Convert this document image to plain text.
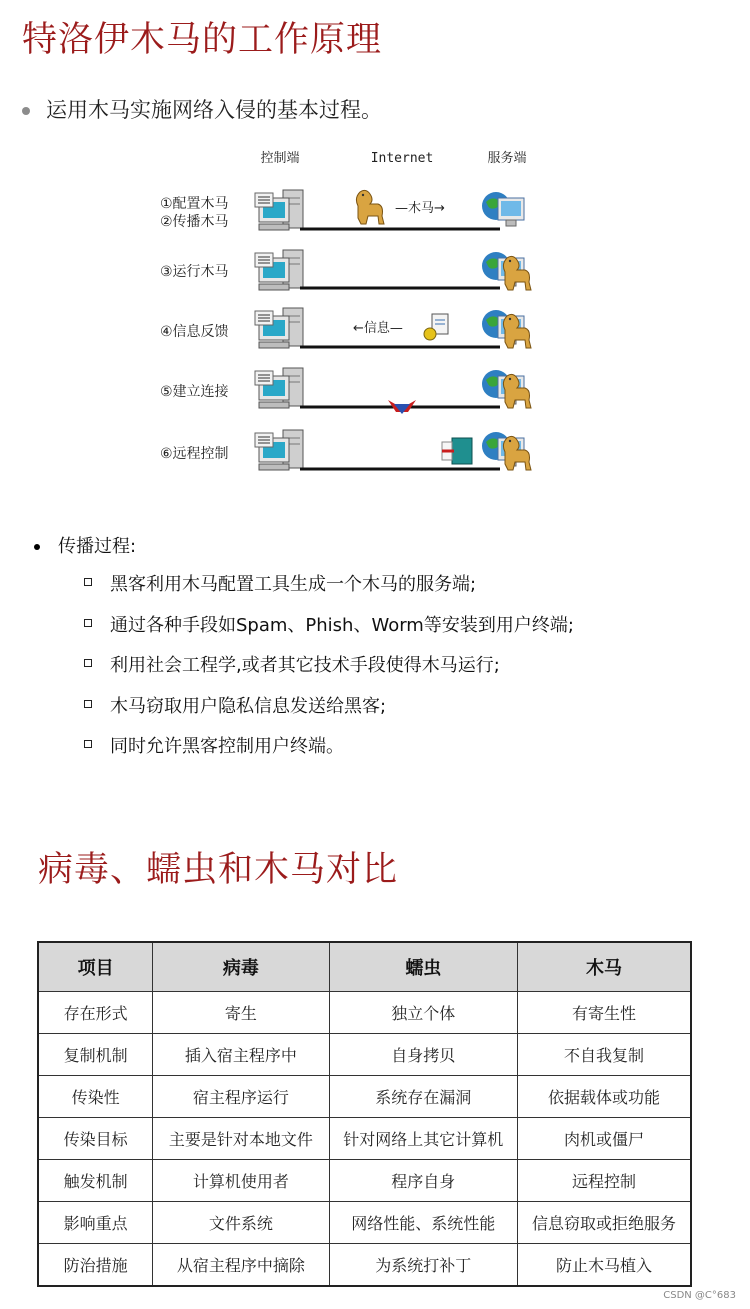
特洛伊木马的工作原理
运用木马实施网络入侵的基本过程。
控制端	Internet	服务端
①配置木马
②传播木马
—木马→
③运行木马
④信息反馈	←信息—
⑤建立连接
⑥远程控制
传播过程:
黑客利用木马配置工具生成一个木马的服务端;
通过各种手段如Spam、Phish、Worm等安装到用户终端;
利用社会工程学,或者其它技术手段使得木马运行;
木马窃取用户隐私信息发送给黑客;
同时允许黑客控制用户终端。
病毒、蠕虫和木马对比
项目	病毒	蠕虫	木马
存在形式	寄生	独立个体	有寄生性
复制机制	插入宿主程序中	自身拷贝	不自我复制
传染性	宿主程序运行	系统存在漏洞	依据载体或功能
传染目标	主要是针对本地文件	针对网络上其它计算机	肉机或僵尸
触发机制	计算机使用者	程序自身	远程控制
影响重点	文件系统	网络性能、系统性能	信息窃取或拒绝服务
防治措施	从宿主程序中摘除	为系统打补丁	防止木马植入
CSDN @C°683
